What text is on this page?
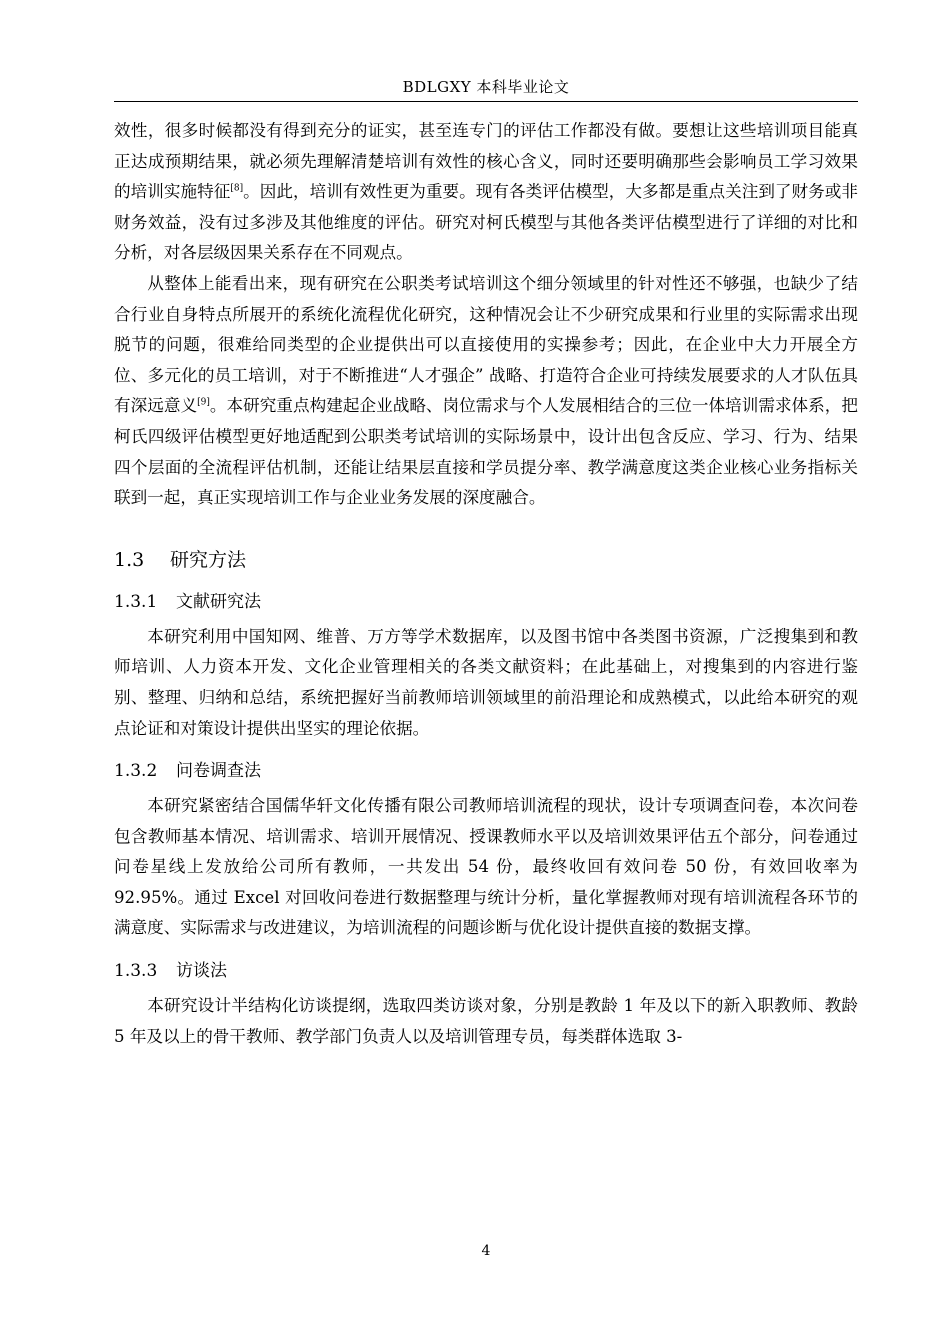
BDLGXY 本科毕业论文

效性，很多时候都没有得到充分的证实，甚至连专门的评估工作都没有做。要想让这些培训项目能真正达成预期结果，就必须先理解清楚培训有效性的核心含义，同时还要明确那些会影响员工学习效果的培训实施特征[8]。因此，培训有效性更为重要。现有各类评估模型，大多都是重点关注到了财务或非财务效益，没有过多涉及其他维度的评估。研究对柯氏模型与其他各类评估模型进行了详细的对比和分析，对各层级因果关系存在不同观点。

从整体上能看出来，现有研究在公职类考试培训这个细分领域里的针对性还不够强，也缺少了结合行业自身特点所展开的系统化流程优化研究，这种情况会让不少研究成果和行业里的实际需求出现脱节的问题，很难给同类型的企业提供出可以直接使用的实操参考；因此，在企业中大力开展全方位、多元化的员工培训，对于不断推进“人才强企” 战略、打造符合企业可持续发展要求的人才队伍具有深远意义[9]。本研究重点构建起企业战略、岗位需求与个人发展相结合的三位一体培训需求体系，把柯氏四级评估模型更好地适配到公职类考试培训的实际场景中，设计出包含反应、学习、行为、结果四个层面的全流程评估机制，还能让结果层直接和学员提分率、教学满意度这类企业核心业务指标关联到一起，真正实现培训工作与企业业务发展的深度融合。

1.3 研究方法
1.3.1 文献研究法

本研究利用中国知网、维普、万方等学术数据库，以及图书馆中各类图书资源，广泛搜集到和教师培训、人力资本开发、文化企业管理相关的各类文献资料；在此基础上，对搜集到的内容进行鉴别、整理、归纳和总结，系统把握好当前教师培训领域里的前沿理论和成熟模式，以此给本研究的观点论证和对策设计提供出坚实的理论依据。

1.3.2 问卷调查法

本研究紧密结合国儒华轩文化传播有限公司教师培训流程的现状，设计专项调查问卷，本次问卷包含教师基本情况、培训需求、培训开展情况、授课教师水平以及培训效果评估五个部分，问卷通过问卷星线上发放给公司所有教师，一共发出 54 份，最终收回有效问卷 50 份，有效回收率为 92.95%。通过 Excel 对回收问卷进行数据整理与统计分析，量化掌握教师对现有培训流程各环节的满意度、实际需求与改进建议，为培训流程的问题诊断与优化设计提供直接的数据支撑。

1.3.3 访谈法

本研究设计半结构化访谈提纲，选取四类访谈对象，分别是教龄 1 年及以下的新入职教师、教龄 5 年及以上的骨干教师、教学部门负责人以及培训管理专员，每类群体选取 3-

4
